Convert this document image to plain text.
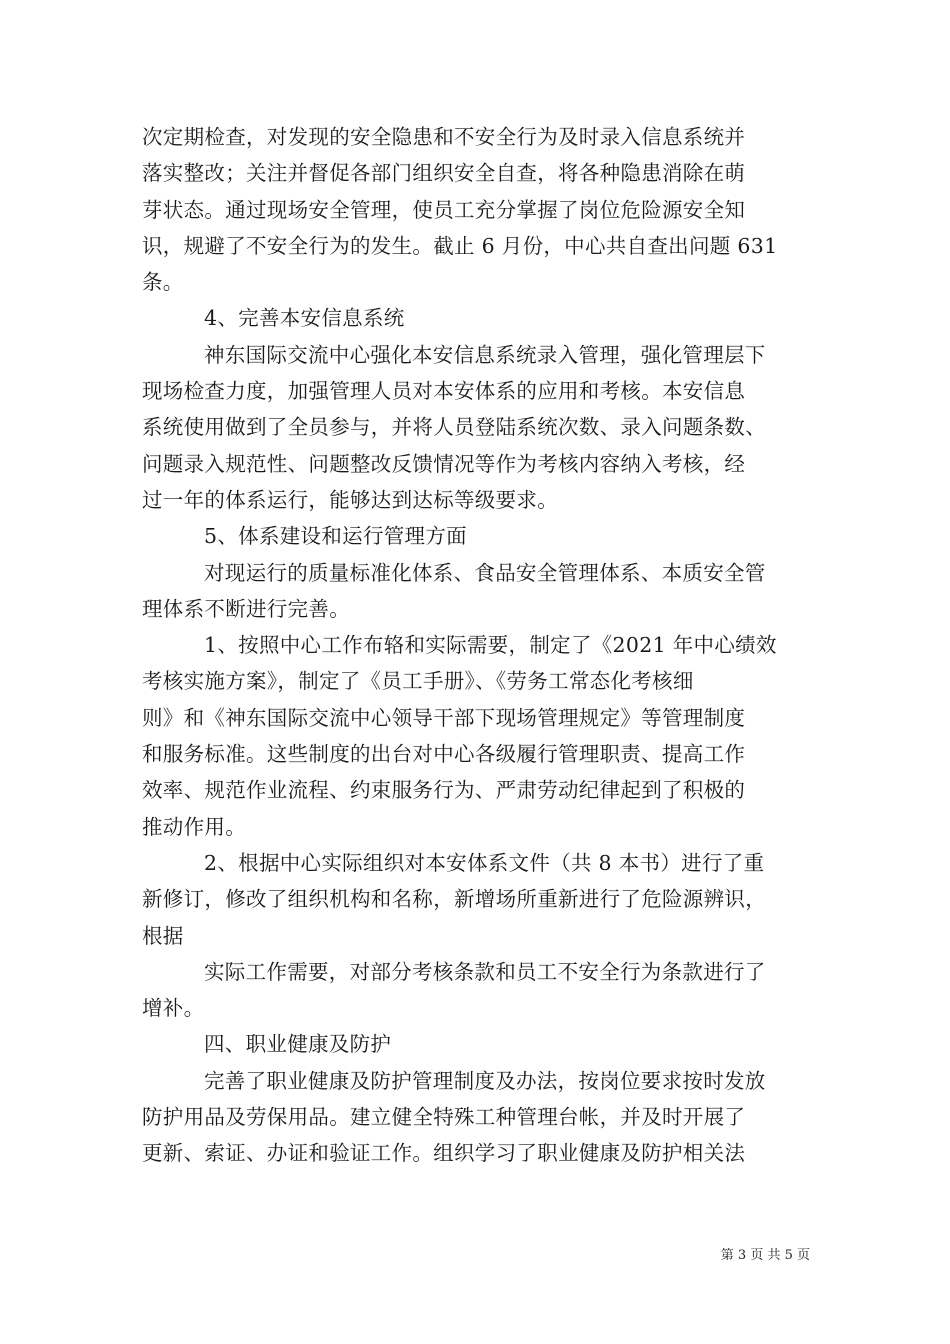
次定期检查，对发现的安全隐患和不安全行为及时录入信息系统并
落实整改；关注并督促各部门组织安全自查，将各种隐患消除在萌
芽状态。通过现场安全管理，使员工充分掌握了岗位危险源安全知
识，规避了不安全行为的发生。截止 6 月份，中心共自查出问题 631
条。
4、完善本安信息系统
神东国际交流中心强化本安信息系统录入管理，强化管理层下
现场检查力度，加强管理人员对本安体系的应用和考核。本安信息
系统使用做到了全员参与，并将人员登陆系统次数、录入问题条数、
问题录入规范性、问题整改反馈情况等作为考核内容纳入考核，经
过一年的体系运行，能够达到达标等级要求。
5、体系建设和运行管理方面
对现运行的质量标准化体系、食品安全管理体系、本质安全管
理体系不断进行完善。
1、按照中心工作布辂和实际需要，制定了《2021 年中心绩效
考核实施方案》，制定了《员工手册》、《劳务工常态化考核细
则》和《神东国际交流中心领导干部下现场管理规定》等管理制度
和服务标准。这些制度的出台对中心各级履行管理职责、提高工作
效率、规范作业流程、约束服务行为、严肃劳动纪律起到了积极的
推动作用。
2、根据中心实际组织对本安体系文件（共 8 本书）进行了重
新修订，修改了组织机构和名称，新增场所重新进行了危险源辨识，
根据
实际工作需要，对部分考核条款和员工不安全行为条款进行了
增补。
四、职业健康及防护
完善了职业健康及防护管理制度及办法，按岗位要求按时发放
防护用品及劳保用品。建立健全特殊工种管理台帐，并及时开展了
更新、索证、办证和验证工作。组织学习了职业健康及防护相关法
第 3 页 共 5 页
